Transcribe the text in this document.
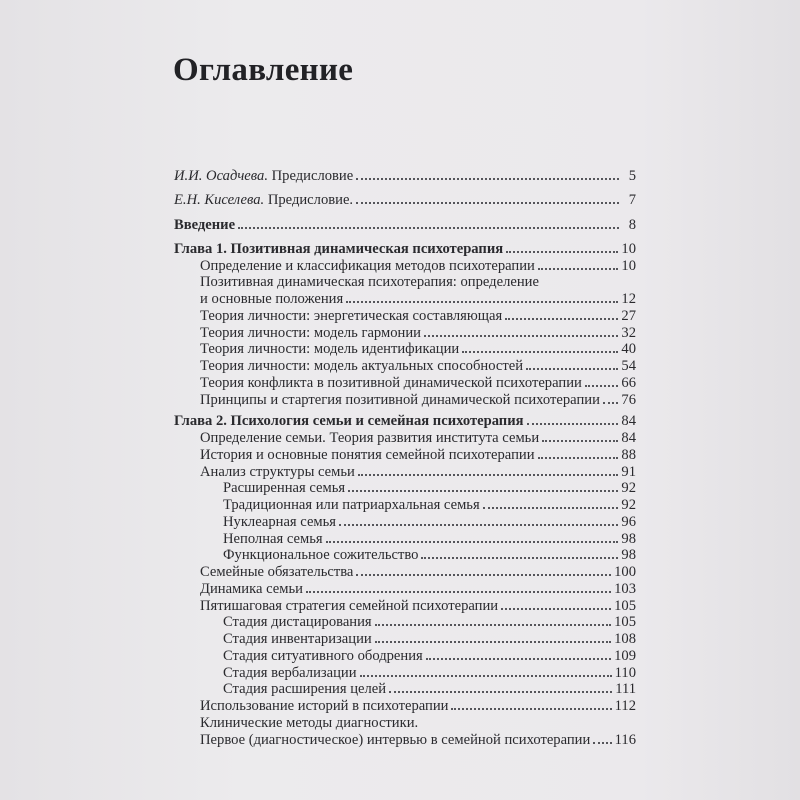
Оглавление
И.И. Осадчева. Предисловие	5
Е.Н. Киселева. Предисловие.	7
Введение	8
Глава 1. Позитивная динамическая психотерапия	10
Определение и классификация методов психотерапии	10
Позитивная динамическая психотерапия: определение
и основные положения	12
Теория личности: энергетическая составляющая	27
Теория личности: модель гармонии	32
Теория личности: модель идентификации	40
Теория личности: модель актуальных способностей	54
Теория конфликта в позитивной динамической психотерапии	66
Принципы и стартегия позитивной динамической психотерапии 76
Глава 2. Психология семьи и семейная психотерапия	84
Определение семьи. Теория развития института семьи	84
История и основные понятия семейной психотерапии	88
Анализ структуры семьи	91
Расширенная семья	92
Традиционная или патриархальная семья	92
Нуклеарная семья	96
Неполная семья	98
Функциональное сожительство	98
Семейные обязательства	100
Динамика семьи	103
Пятишаговая стратегия семейной психотерапии	105
Стадия дистацирования	105
Стадия инвентаризации	108
Стадия ситуативного ободрения	109
Стадия вербализации	110
Стадия расширения целей	111
Использование историй в психотерапии	112
Клинические методы диагностики.
Первое (диагностическое) интервью в семейной психотерапии 116
